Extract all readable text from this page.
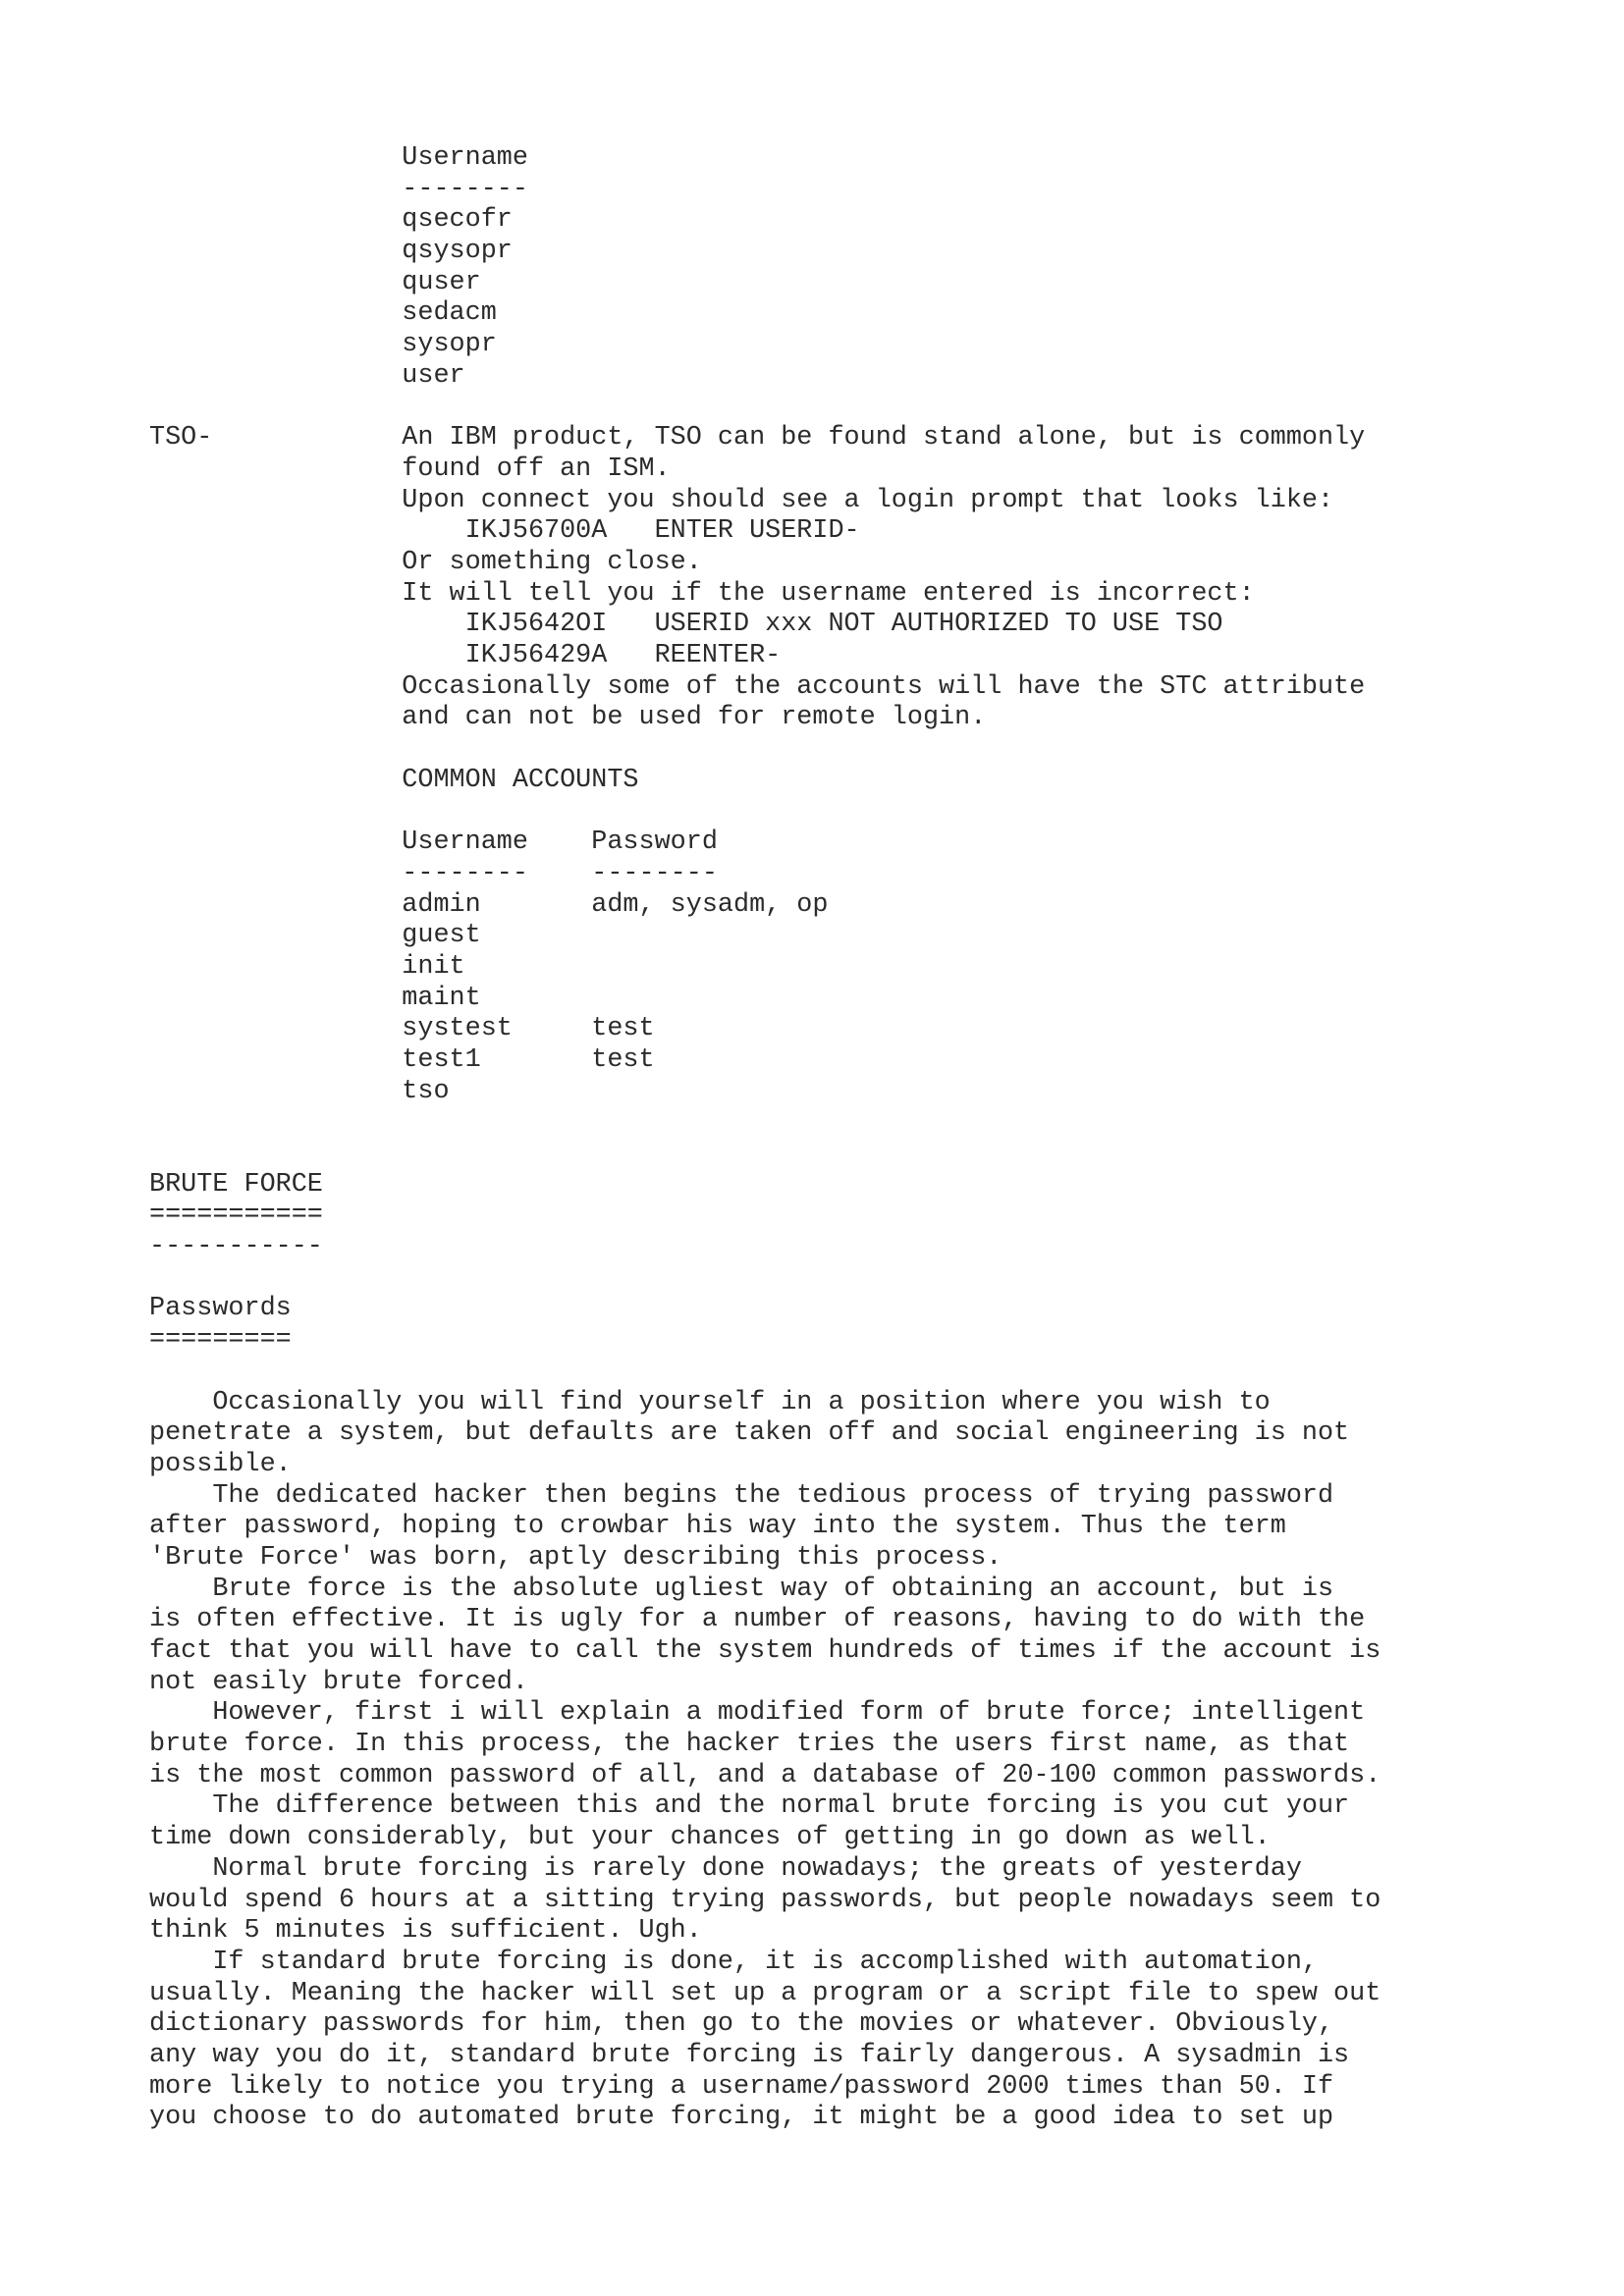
Username
--------
qsecofr
qsysopr
quser
sedacm
sysopr
user
TSO-            An IBM product, TSO can be found stand alone, but is commonly
found off an ISM.
Upon connect you should see a login prompt that looks like:
IKJ56700A   ENTER USERID-
Or something close.
It will tell you if the username entered is incorrect:
IKJ5642OI   USERID xxx NOT AUTHORIZED TO USE TSO
IKJ56429A   REENTER-
Occasionally some of the accounts will have the STC attribute
and can not be used for remote login.
COMMON ACCOUNTS
Username    Password
--------    --------
admin       adm, sysadm, op
guest
init
maint
systest     test
test1       test
tso
BRUTE FORCE
===========
-----------
Passwords
=========
Occasionally you will find yourself in a position where you wish to
penetrate a system, but defaults are taken off and social engineering is not
possible.
The dedicated hacker then begins the tedious process of trying password
after password, hoping to crowbar his way into the system. Thus the term
'Brute Force' was born, aptly describing this process.
Brute force is the absolute ugliest way of obtaining an account, but is
is often effective. It is ugly for a number of reasons, having to do with the
fact that you will have to call the system hundreds of times if the account is
not easily brute forced.
However, first i will explain a modified form of brute force; intelligent
brute force. In this process, the hacker tries the users first name, as that
is the most common password of all, and a database of 20-100 common passwords.
The difference between this and the normal brute forcing is you cut your
time down considerably, but your chances of getting in go down as well.
Normal brute forcing is rarely done nowadays; the greats of yesterday
would spend 6 hours at a sitting trying passwords, but people nowadays seem to
think 5 minutes is sufficient. Ugh.
If standard brute forcing is done, it is accomplished with automation,
usually. Meaning the hacker will set up a program or a script file to spew out
dictionary passwords for him, then go to the movies or whatever. Obviously,
any way you do it, standard brute forcing is fairly dangerous. A sysadmin is
more likely to notice you trying a username/password 2000 times than 50. If
you choose to do automated brute forcing, it might be a good idea to set up
